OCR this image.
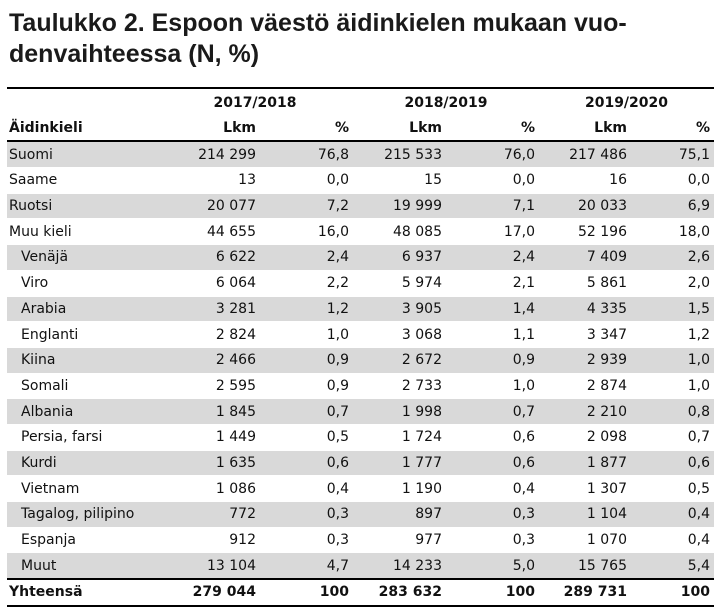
Taulukko 2. Espoon väestö äidinkielen mukaan vuo-
denvaihteessa (N, %)
	2017/2018		2018/2019		2019/2020	
Äidinkieli	Lkm	%	Lkm	%	Lkm	%
Suomi	214 299	76,8	215 533	76,0	217 486	75,1
Saame	13	0,0	15	0,0	16	0,0
Ruotsi	20 077	7,2	19 999	7,1	20 033	6,9
Muu kieli	44 655	16,0	48 085	17,0	52 196	18,0
Venäjä	6 622	2,4	6 937	2,4	7 409	2,6
Viro	6 064	2,2	5 974	2,1	5 861	2,0
Arabia	3 281	1,2	3 905	1,4	4 335	1,5
Englanti	2 824	1,0	3 068	1,1	3 347	1,2
Kiina	2 466	0,9	2 672	0,9	2 939	1,0
Somali	2 595	0,9	2 733	1,0	2 874	1,0
Albania	1 845	0,7	1 998	0,7	2 210	0,8
Persia, farsi	1 449	0,5	1 724	0,6	2 098	0,7
Kurdi	1 635	0,6	1 777	0,6	1 877	0,6
Vietnam	1 086	0,4	1 190	0,4	1 307	0,5
Tagalog, pilipino	772	0,3	897	0,3	1 104	0,4
Espanja	912	0,3	977	0,3	1 070	0,4
Muut	13 104	4,7	14 233	5,0	15 765	5,4
Yhteensä	279 044	100	283 632	100	289 731	100
